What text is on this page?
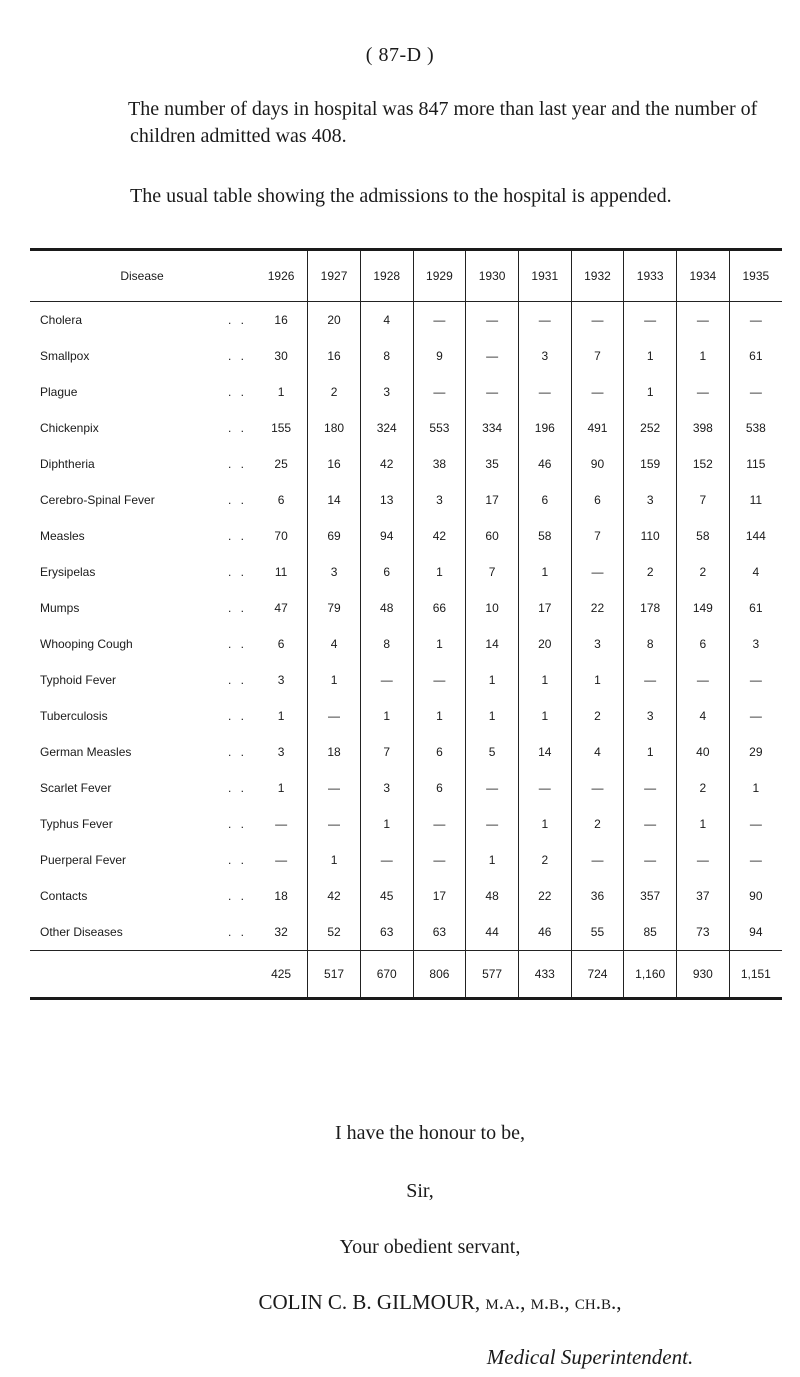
( 87-D )
The number of days in hospital was 847 more than last year and the number of children admitted was 408.
The usual table showing the admissions to the hospital is appended.
Disease	1926	1927	1928	1929	1930	1931	1932	1933	1934	1935
Cholera . .	16	20	4	—	—	—	—	—	—	—
Smallpox . .	30	16	8	9	—	3	7	1	1	61
Plague . .	1	2	3	—	—	—	—	1	—	—
Chickenpix . .	155	180	324	553	334	196	491	252	398	538
Diphtheria . .	25	16	42	38	35	46	90	159	152	115
Cerebro-Spinal Fever . .	6	14	13	3	17	6	6	3	7	11
Measles . .	70	69	94	42	60	58	7	110	58	144
Erysipelas . .	11	3	6	1	7	1	—	2	2	4
Mumps . .	47	79	48	66	10	17	22	178	149	61
Whooping Cough . .	6	4	8	1	14	20	3	8	6	3
Typhoid Fever . .	3	1	—	—	1	1	1	—	—	—
Tuberculosis . .	1	—	1	1	1	1	2	3	4	—
German Measles . .	3	18	7	6	5	14	4	1	40	29
Scarlet Fever . .	1	—	3	6	—	—	—	—	2	1
Typhus Fever . .	—	—	1	—	—	1	2	—	1	—
Puerperal Fever . .	—	1	—	—	1	2	—	—	—	—
Contacts . .	18	42	45	17	48	22	36	357	37	90
Other Diseases . .	32	52	63	63	44	46	55	85	73	94
	425	517	670	806	577	433	724	1,160	930	1,151
I have the honour to be,
Sir,
Your obedient servant,
COLIN C. B. GILMOUR, m.a., m.b., ch.b.,
Medical Superintendent.
